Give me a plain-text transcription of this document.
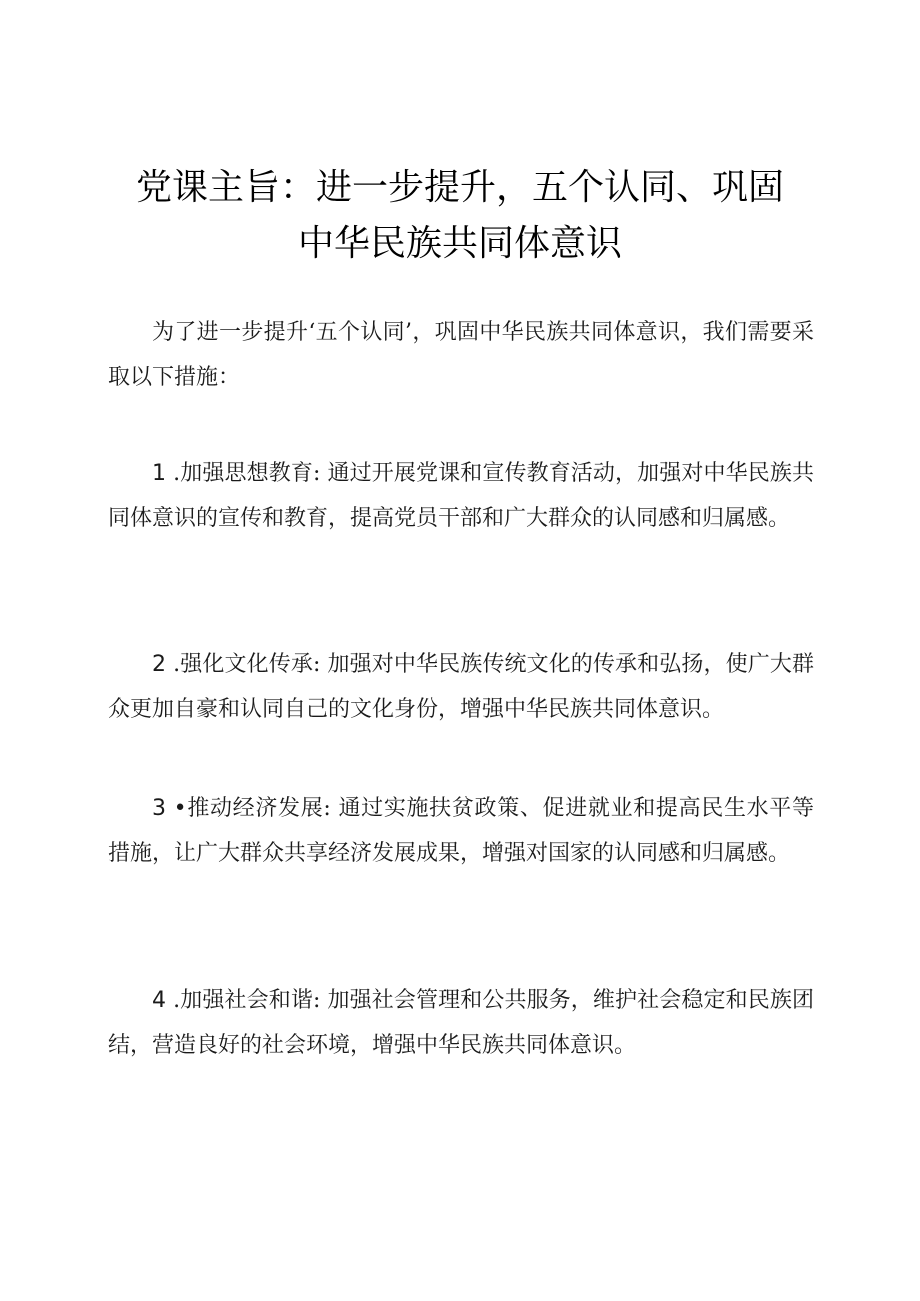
党课主旨：进一步提升，五个认同、巩固
中华民族共同体意识

为了进一步提升‘五个认同’，巩固中华民族共同体意识，我们需要采取以下措施：

1 .加强思想教育: 通过开展党课和宣传教育活动，加强对中华民族共同体意识的宣传和教育，提高党员干部和广大群众的认同感和归属感。

2 .强化文化传承: 加强对中华民族传统文化的传承和弘扬，使广大群众更加自豪和认同自己的文化身份，增强中华民族共同体意识。

3 •推动经济发展: 通过实施扶贫政策、促进就业和提高民生水平等措施，让广大群众共享经济发展成果，增强对国家的认同感和归属感。

4 .加强社会和谐: 加强社会管理和公共服务，维护社会稳定和民族团结，营造良好的社会环境，增强中华民族共同体意识。
